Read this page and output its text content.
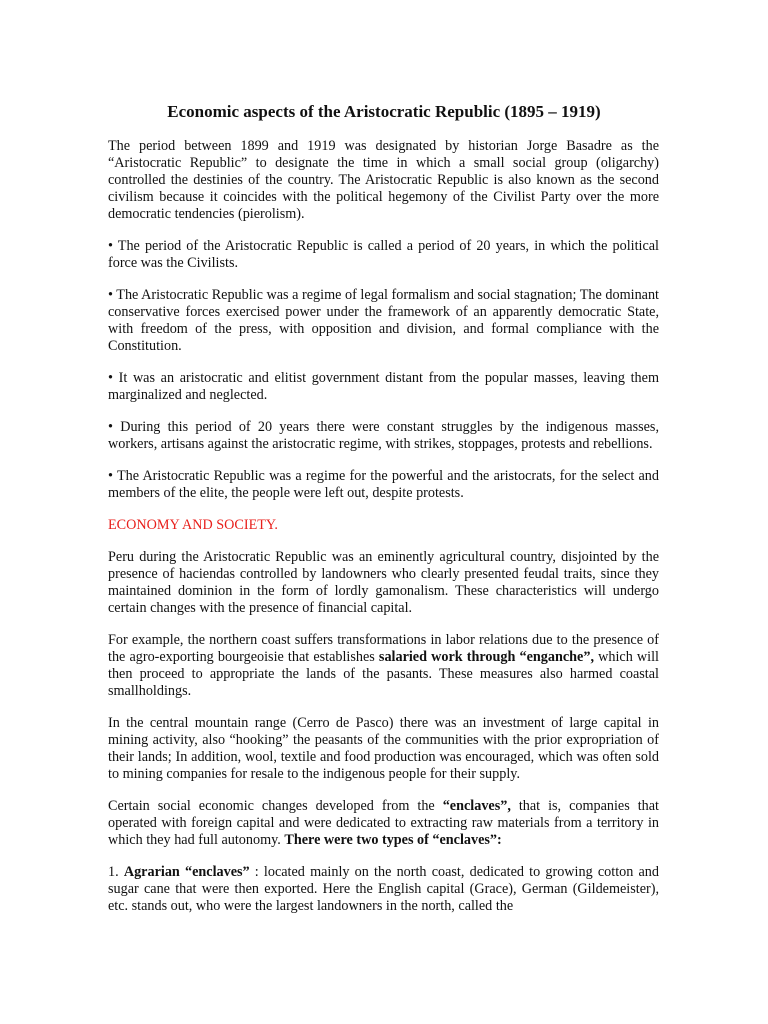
Economic aspects of the Aristocratic Republic (1895 – 1919)

The period between 1899 and 1919 was designated by historian Jorge Basadre as the “Aristocratic Republic” to designate the time in which a small social group (oligarchy) controlled the destinies of the country. The Aristocratic Republic is also known as the second civilism because it coincides with the political hegemony of the Civilist Party over the more democratic tendencies (pierolism).

• The period of the Aristocratic Republic is called a period of 20 years, in which the political force was the Civilists.

• The Aristocratic Republic was a regime of legal formalism and social stagnation; The dominant conservative forces exercised power under the framework of an apparently democratic State, with freedom of the press, with opposition and division, and formal compliance with the Constitution.

• It was an aristocratic and elitist government distant from the popular masses, leaving them marginalized and neglected.

• During this period of 20 years there were constant struggles by the indigenous masses, workers, artisans against the aristocratic regime, with strikes, stoppages, protests and rebellions.

• The Aristocratic Republic was a regime for the powerful and the aristocrats, for the select and members of the elite, the people were left out, despite protests.

ECONOMY AND SOCIETY.

Peru during the Aristocratic Republic was an eminently agricultural country, disjointed by the presence of haciendas controlled by landowners who clearly presented feudal traits, since they maintained dominion in the form of lordly gamonalism. These characteristics will undergo certain changes with the presence of financial capital.

For example, the northern coast suffers transformations in labor relations due to the presence of the agro-exporting bourgeoisie that establishes salaried work through “enganche”, which will then proceed to appropriate the lands of the pasants. These measures also harmed coastal smallholdings.

In the central mountain range (Cerro de Pasco) there was an investment of large capital in mining activity, also “hooking” the peasants of the communities with the prior expropriation of their lands; In addition, wool, textile and food production was encouraged, which was often sold to mining companies for resale to the indigenous people for their supply.

Certain social economic changes developed from the “enclaves”, that is, companies that operated with foreign capital and were dedicated to extracting raw materials from a territory in which they had full autonomy. There were two types of “enclaves”:

1. Agrarian “enclaves” : located mainly on the north coast, dedicated to growing cotton and sugar cane that were then exported. Here the English capital (Grace), German (Gildemeister), etc. stands out, who were the largest landowners in the north, called the
